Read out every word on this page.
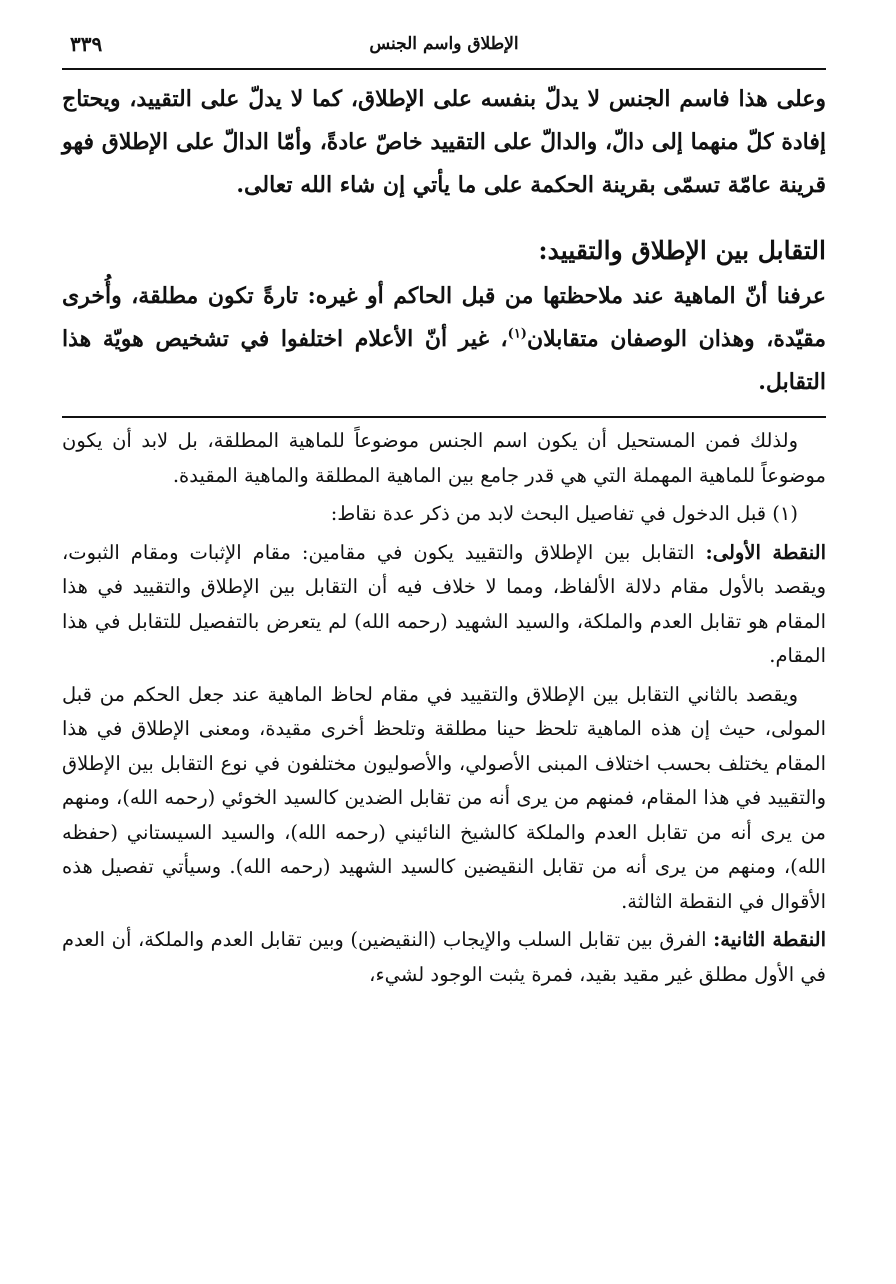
الإطلاق واسم الجنس
٣٣٩

وعلى هذا فاسم الجنس لا يدلّ بنفسه على الإطلاق، كما لا يدلّ على التقييد، ويحتاج إفادة كلّ منهما إلى دالّ، والدالّ على التقييد خاصّ عادةً، وأمّا الدالّ على الإطلاق فهو قرينة عامّة تسمّى بقرينة الحكمة على ما يأتي إن شاء الله تعالى.

التقابل بين الإطلاق والتقييد:

عرفنا أنّ الماهية عند ملاحظتها من قبل الحاكم أو غيره: تارةً تكون مطلقة، وأُخرى مقيّدة، وهذان الوصفان متقابلان$^{(١)}$، غير أنّ الأعلام اختلفوا في تشخيص هويّة هذا التقابل.

ولذلك فمن المستحيل أن يكون اسم الجنس موضوعاً للماهية المطلقة، بل لابد أن يكون موضوعاً للماهية المهملة التي هي قدر جامع بين الماهية المطلقة والماهية المقيدة.

(١) قبل الدخول في تفاصيل البحث لابد من ذكر عدة نقاط:

النقطة الأولى: التقابل بين الإطلاق والتقييد يكون في مقامين: مقام الإثبات ومقام الثبوت، ويقصد بالأول مقام دلالة الألفاظ، ومما لا خلاف فيه أن التقابل بين الإطلاق والتقييد في هذا المقام هو تقابل العدم والملكة، والسيد الشهيد (رحمه الله) لم يتعرض بالتفصيل للتقابل في هذا المقام.

ويقصد بالثاني التقابل بين الإطلاق والتقييد في مقام لحاظ الماهية عند جعل الحكم من قبل المولى، حيث إن هذه الماهية تلحظ حينا مطلقة وتلحظ أخرى مقيدة، ومعنى الإطلاق في هذا المقام يختلف بحسب اختلاف المبنى الأصولي، والأصوليون مختلفون في نوع التقابل بين الإطلاق والتقييد في هذا المقام، فمنهم من يرى أنه من تقابل الضدين كالسيد الخوئي (رحمه الله)، ومنهم من يرى أنه من تقابل العدم والملكة كالشيخ النائيني (رحمه الله)، والسيد السيستاني (حفظه الله)، ومنهم من يرى أنه من تقابل النقيضين كالسيد الشهيد (رحمه الله). وسيأتي تفصيل هذه الأقوال في النقطة الثالثة.

النقطة الثانية: الفرق بين تقابل السلب والإيجاب (النقيضين) وبين تقابل العدم والملكة، أن العدم في الأول مطلق غير مقيد بقيد، فمرة يثبت الوجود لشيء،
